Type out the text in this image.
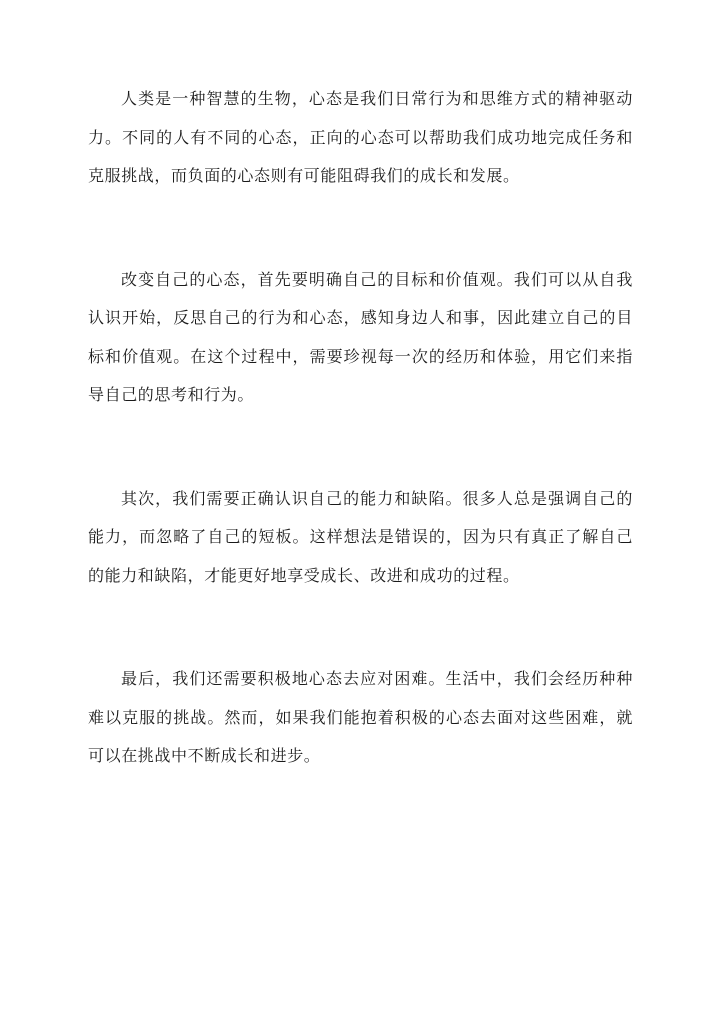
人类是一种智慧的生物，心态是我们日常行为和思维方式的精神驱动力。不同的人有不同的心态，正向的心态可以帮助我们成功地完成任务和克服挑战，而负面的心态则有可能阻碍我们的成长和发展。

改变自己的心态，首先要明确自己的目标和价值观。我们可以从自我认识开始，反思自己的行为和心态，感知身边人和事，因此建立自己的目标和价值观。在这个过程中，需要珍视每一次的经历和体验，用它们来指导自己的思考和行为。

其次，我们需要正确认识自己的能力和缺陷。很多人总是强调自己的能力，而忽略了自己的短板。这样想法是错误的，因为只有真正了解自己的能力和缺陷，才能更好地享受成长、改进和成功的过程。

最后，我们还需要积极地心态去应对困难。生活中，我们会经历种种难以克服的挑战。然而，如果我们能抱着积极的心态去面对这些困难，就可以在挑战中不断成长和进步。
